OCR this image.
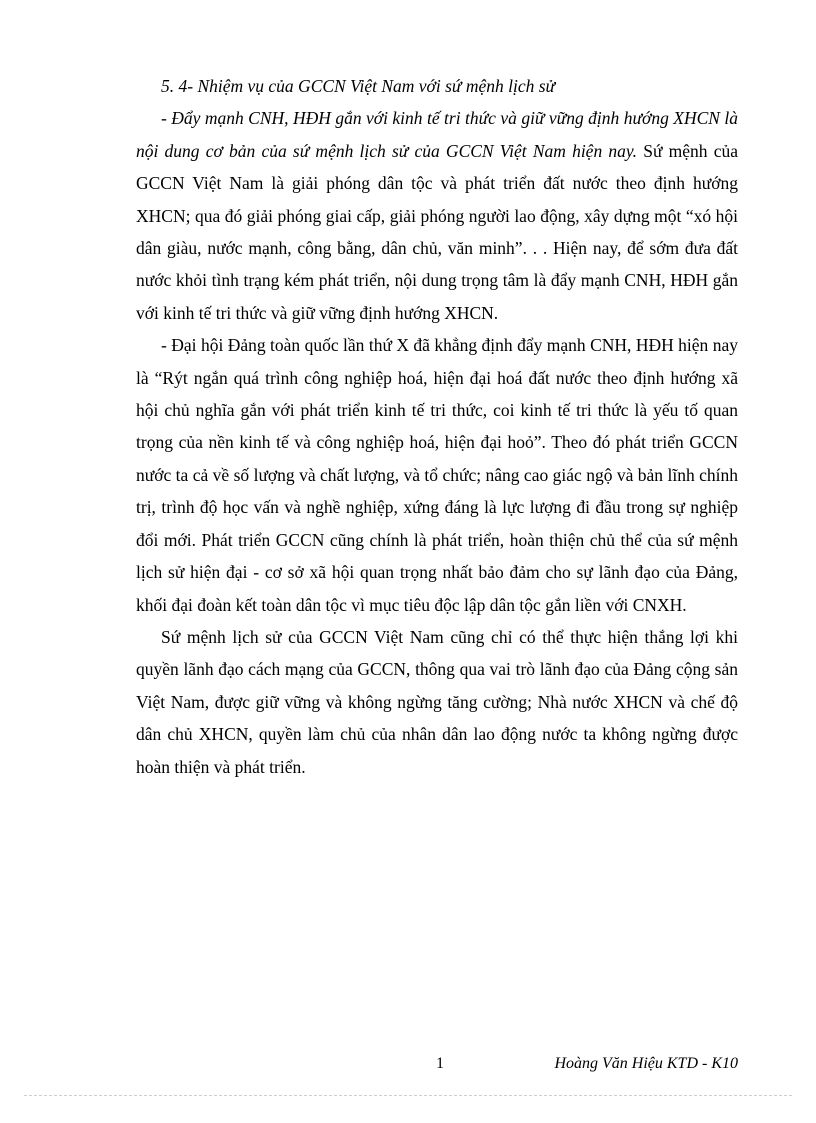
5. 4- Nhiệm vụ của GCCN Việt Nam với sứ mệnh lịch sử

- Đẩy mạnh CNH, HĐH gắn với kinh tế tri thức và giữ vững định hướng XHCN là nội dung cơ bản của sứ mệnh lịch sử của GCCN Việt Nam hiện nay. Sứ mệnh của GCCN Việt Nam là giải phóng dân tộc và phát triển đất nước theo định hướng XHCN; qua đó giải phóng giai cấp, giải phóng người lao động, xây dựng một “xó hội dân giàu, nước mạnh, công bằng, dân chủ, văn minh”. . . Hiện nay, để sớm đưa đất nước khỏi tình trạng kém phát triển, nội dung trọng tâm là đẩy mạnh CNH, HĐH gắn với kinh tế tri thức và giữ vững định hướng XHCN.

- Đại hội Đảng toàn quốc lần thứ X đã khẳng định đẩy mạnh CNH, HĐH hiện nay là “Rýt ngắn quá trình công nghiệp hoá, hiện đại hoá đất nước theo định hướng xã hội chủ nghĩa gắn với phát triển kinh tế tri thức, coi kinh tế tri thức là yếu tố quan trọng của nền kinh tế và công nghiệp hoá, hiện đại hoỏ”. Theo đó phát triển GCCN nước ta cả về số lượng và chất lượng, và tổ chức; nâng cao giác ngộ và bản lĩnh chính trị, trình độ học vấn và nghề nghiệp, xứng đáng là lực lượng đi đầu trong sự nghiệp đổi mới. Phát triển GCCN cũng chính là phát triển, hoàn thiện chủ thể của sứ mệnh lịch sử hiện đại - cơ sở xã hội quan trọng nhất bảo đảm cho sự lãnh đạo của Đảng, khối đại đoàn kết toàn dân tộc vì mục tiêu độc lập dân tộc gắn liền với CNXH.

Sứ mệnh lịch sử của GCCN Việt Nam cũng chỉ có thể thực hiện thắng lợi khi quyền lãnh đạo cách mạng của GCCN, thông qua vai trò lãnh đạo của Đảng cộng sản Việt Nam, được giữ vững và không ngừng tăng cường; Nhà nước XHCN và chế độ dân chủ XHCN, quyền làm chủ của nhân dân lao động nước ta không ngừng được hoàn thiện và phát triển.

1	Hoàng Văn Hiệu KTD - K10
